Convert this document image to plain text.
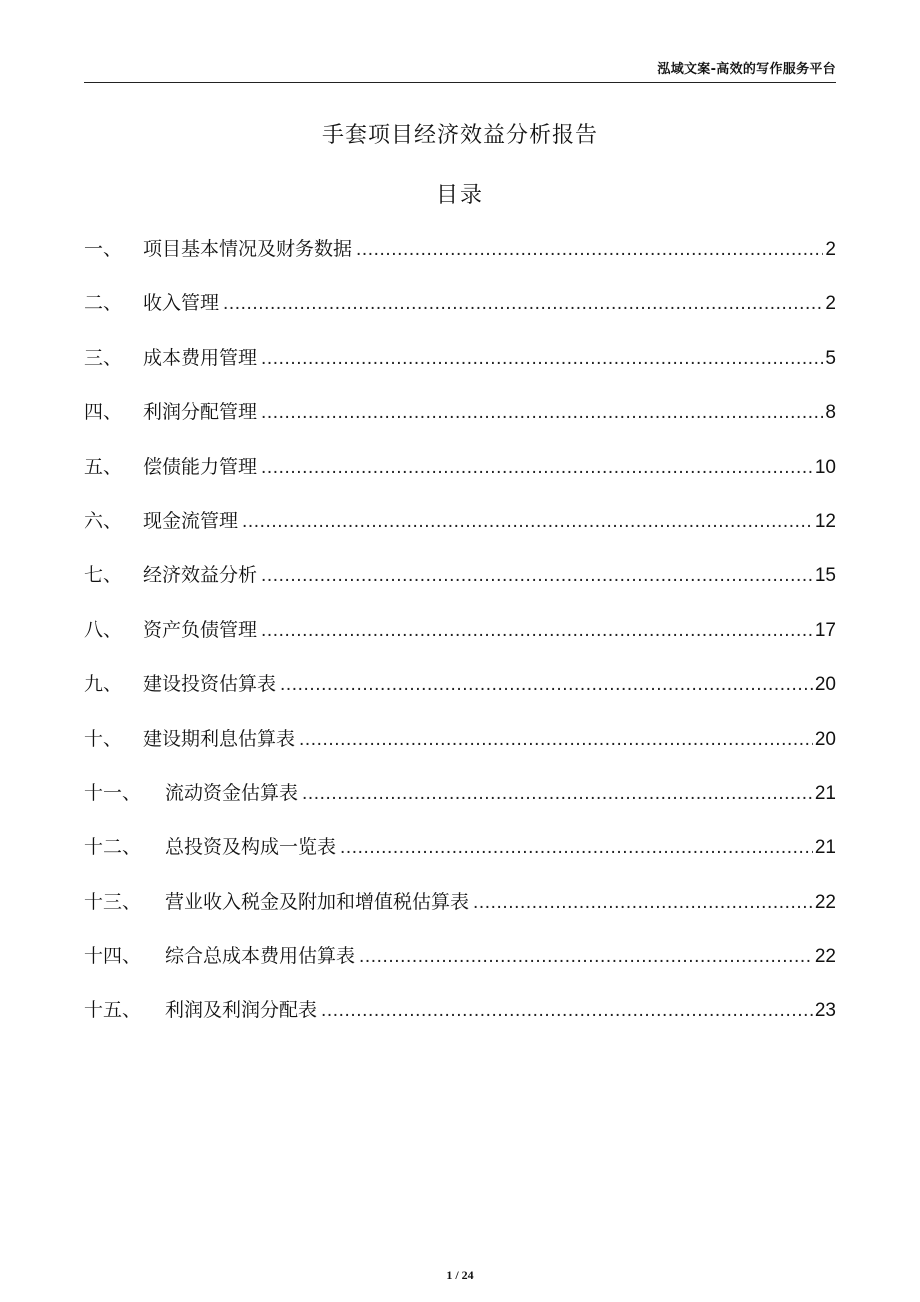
泓域文案-高效的写作服务平台
手套项目经济效益分析报告
目录
一、	项目基本情况及财务数据 .....	2
二、	收入管理 .....	2
三、	成本费用管理 .....	5
四、	利润分配管理 .....	8
五、	偿债能力管理 .....	10
六、	现金流管理 .....	12
七、	经济效益分析 .....	15
八、	资产负债管理 .....	17
九、	建设投资估算表 .....	20
十、	建设期利息估算表 .....	20
十一、	流动资金估算表 .....	21
十二、	总投资及构成一览表 .....	21
十三、	营业收入税金及附加和增值税估算表 .....	22
十四、	综合总成本费用估算表 .....	22
十五、	利润及利润分配表 .....	23
1 / 24
